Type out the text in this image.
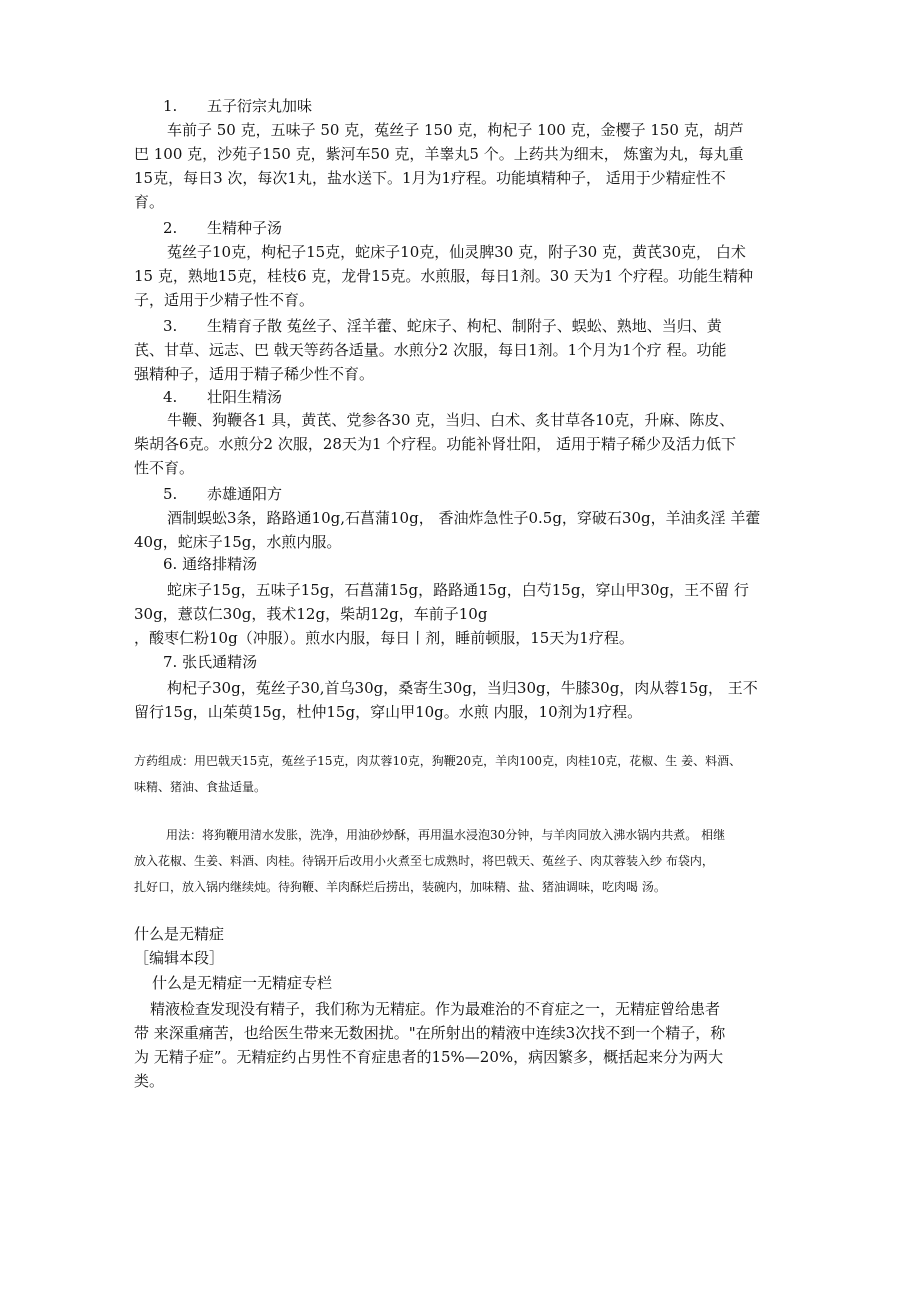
1. 五子衍宗丸加味
车前子 50 克，五味子 50 克，菟丝子 150 克，枸杞子 100 克，金樱子 150 克，胡芦
巴 100 克，沙苑子150 克，紫河车50 克，羊睾丸5 个。上药共为细末， 炼蜜为丸，每丸重
15克，每日3 次，每次1丸，盐水送下。1月为1疗程。功能填精种子， 适用于少精症性不
育。
2. 生精种子汤
菟丝子10克，枸杞子15克，蛇床子10克，仙灵脾30 克，附子30 克，黄芪30克， 白术
15 克，熟地15克，桂枝6 克，龙骨15克。水煎服，每日1剂。30 天为1 个疗程。功能生精种
子，适用于少精子性不育。
3. 生精育子散 菟丝子、淫羊藿、蛇床子、枸杞、制附子、蜈蚣、熟地、当归、黄
芪、甘草、远志、巴 戟天等药各适量。水煎分2 次服，每日1剂。1个月为1个疗 程。功能
强精种子，适用于精子稀少性不育。
4. 壮阳生精汤
牛鞭、狗鞭各1 具，黄芪、党参各30 克，当归、白术、炙甘草各10克，升麻、陈皮、
柴胡各6克。水煎分2 次服，28天为1 个疗程。功能补肾壮阳， 适用于精子稀少及活力低下
性不育。
5. 赤雄通阳方
酒制蜈蚣3条，路路通10g,石菖蒲10g， 香油炸急性子0.5g，穿破石30g，羊油炙淫 羊藿
40g，蛇床子15g，水煎内服。
6. 通络排精汤
蛇床子15g，五味子15g，石菖蒲15g，路路通15g，白芍15g，穿山甲30g，王不留 行
30g，薏苡仁30g，莪术12g，柴胡12g，车前子10g
，酸枣仁粉10g（冲服）。煎水内服，每日丨剂，睡前顿服，15天为1疗程。
7. 张氏通精汤
枸杞子30g，菟丝子30,首乌30g，桑寄生30g，当归30g，牛膝30g，肉从蓉15g， 王不
留行15g，山茱萸15g，杜仲15g，穿山甲10g。水煎 内服，10剂为1疗程。
方药组成：用巴戟天15克，菟丝子15克，肉苁蓉10克，狗鞭20克，羊肉100克，肉桂10克，花椒、生 姜、料酒、
味精、猪油、食盐适量。
用法：将狗鞭用清水发胀，洗净，用油砂炒酥，再用温水浸泡30分钟，与羊肉同放入沸水锅内共煮。 相继
放入花椒、生姜、料酒、肉桂。待锅开后改用小火煮至七成熟时，将巴戟天、菟丝子、肉苁蓉装入纱 布袋内，
扎好口，放入锅内继续炖。待狗鞭、羊肉酥烂后捞出，装碗内，加味精、盐、猪油调味，吃肉喝 汤。
什么是无精症
［编辑本段］
什么是无精症一无精症专栏
精液检查发现没有精子，我们称为无精症。作为最难治的不育症之一，无精症曾给患者
带 来深重痛苦，也给医生带来无数困扰。"在所射出的精液中连续3次找不到一个精子，称
为 无精子症”。无精症约占男性不育症患者的15%—20%，病因繁多，概括起来分为两大
类。
